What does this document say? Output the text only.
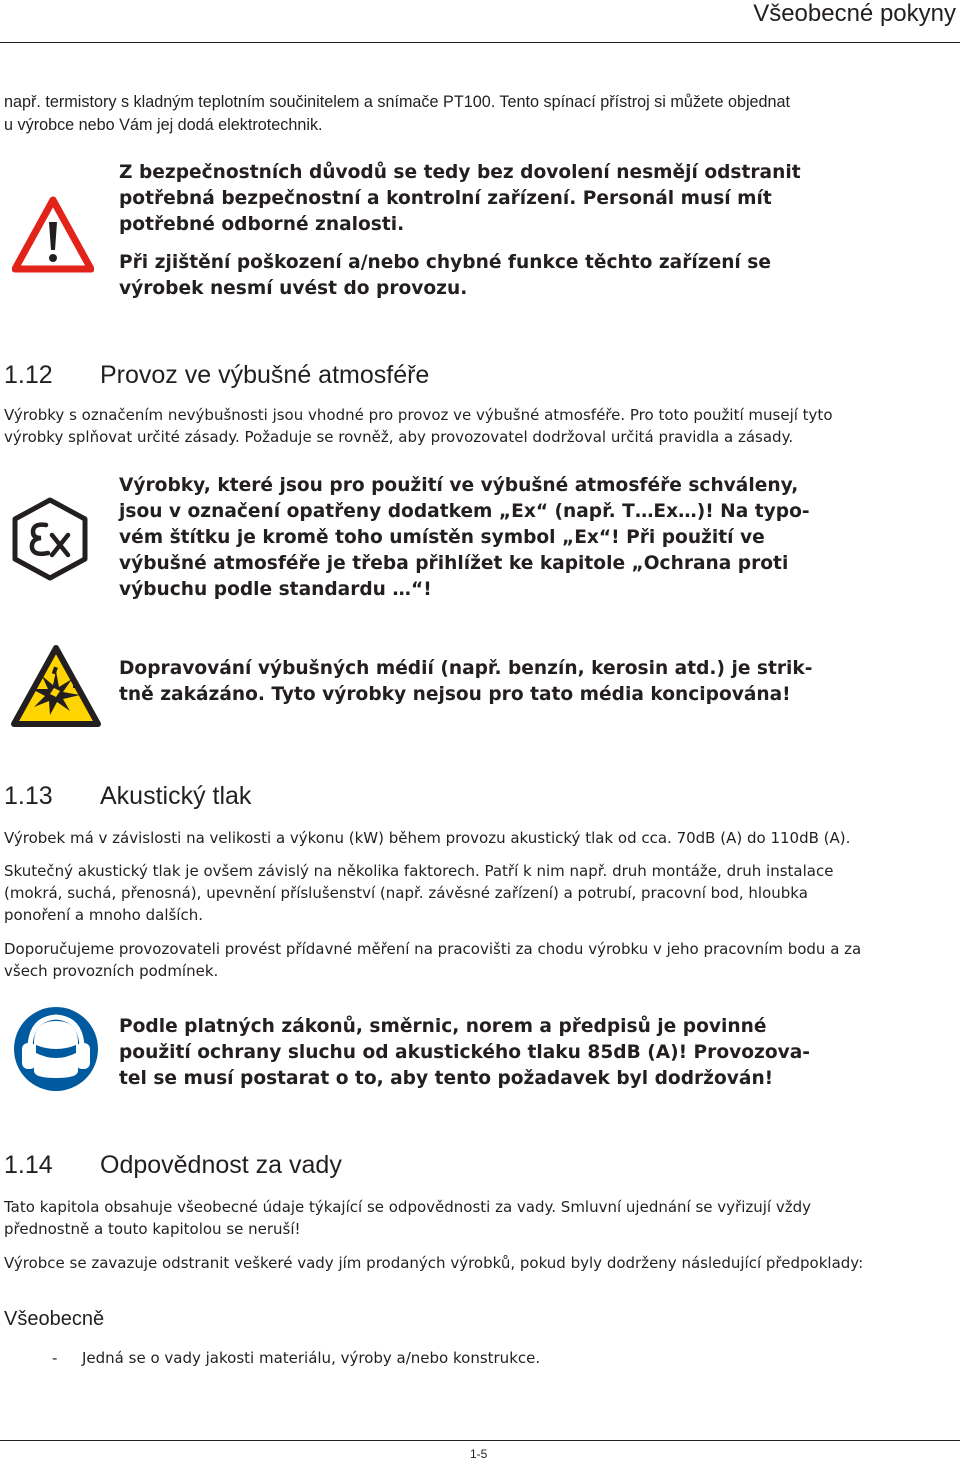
Všeobecné pokyny
např. termistory s kladným teplotním součinitelem a snímače PT100. Tento spínací přístroj si můžete objednat
u výrobce nebo Vám jej dodá elektrotechnik.
Z bezpečnostních důvodů se tedy bez dovolení nesmějí odstranit
potřebná bezpečnostní a kontrolní zařízení. Personál musí mít
potřebné odborné znalosti.
Při zjištění poškození a/nebo chybné funkce těchto zařízení se
výrobek nesmí uvést do provozu.
1.12 Provoz ve výbušné atmosféře
Výrobky s označením nevýbušnosti jsou vhodné pro provoz ve výbušné atmosféře. Pro toto použití musejí tyto
výrobky splňovat určité zásady. Požaduje se rovněž, aby provozovatel dodržoval určitá pravidla a zásady.
Výrobky, které jsou pro použití ve výbušné atmosféře schváleny,
jsou v označení opatřeny dodatkem „Ex“ (např. T…Ex…)! Na typo-
vém štítku je kromě toho umístěn symbol „Ex“! Při použití ve
výbušné atmosféře je třeba přihlížet ke kapitole „Ochrana proti
výbuchu podle standardu …“!
Dopravování výbušných médií (např. benzín, kerosin atd.) je strik-
tně zakázáno. Tyto výrobky nejsou pro tato média koncipována!
1.13 Akustický tlak
Výrobek má v závislosti na velikosti a výkonu (kW) během provozu akustický tlak od cca. 70dB (A) do 110dB (A).
Skutečný akustický tlak je ovšem závislý na několika faktorech. Patří k nim např. druh montáže, druh instalace
(mokrá, suchá, přenosná), upevnění příslušenství (např. závěsné zařízení) a potrubí, pracovní bod, hloubka
ponoření a mnoho dalších.
Doporučujeme provozovateli provést přídavné měření na pracovišti za chodu výrobku v jeho pracovním bodu a za
všech provozních podmínek.
Podle platných zákonů, směrnic, norem a předpisů je povinné
použití ochrany sluchu od akustického tlaku 85dB (A)! Provozova-
tel se musí postarat o to, aby tento požadavek byl dodržován!
1.14 Odpovědnost za vady
Tato kapitola obsahuje všeobecné údaje týkající se odpovědnosti za vady. Smluvní ujednání se vyřizují vždy
přednostně a touto kapitolou se neruší!
Výrobce se zavazuje odstranit veškeré vady jím prodaných výrobků, pokud byly dodrženy následující předpoklady:
Všeobecně
- Jedná se o vady jakosti materiálu, výroby a/nebo konstrukce.
1-5
